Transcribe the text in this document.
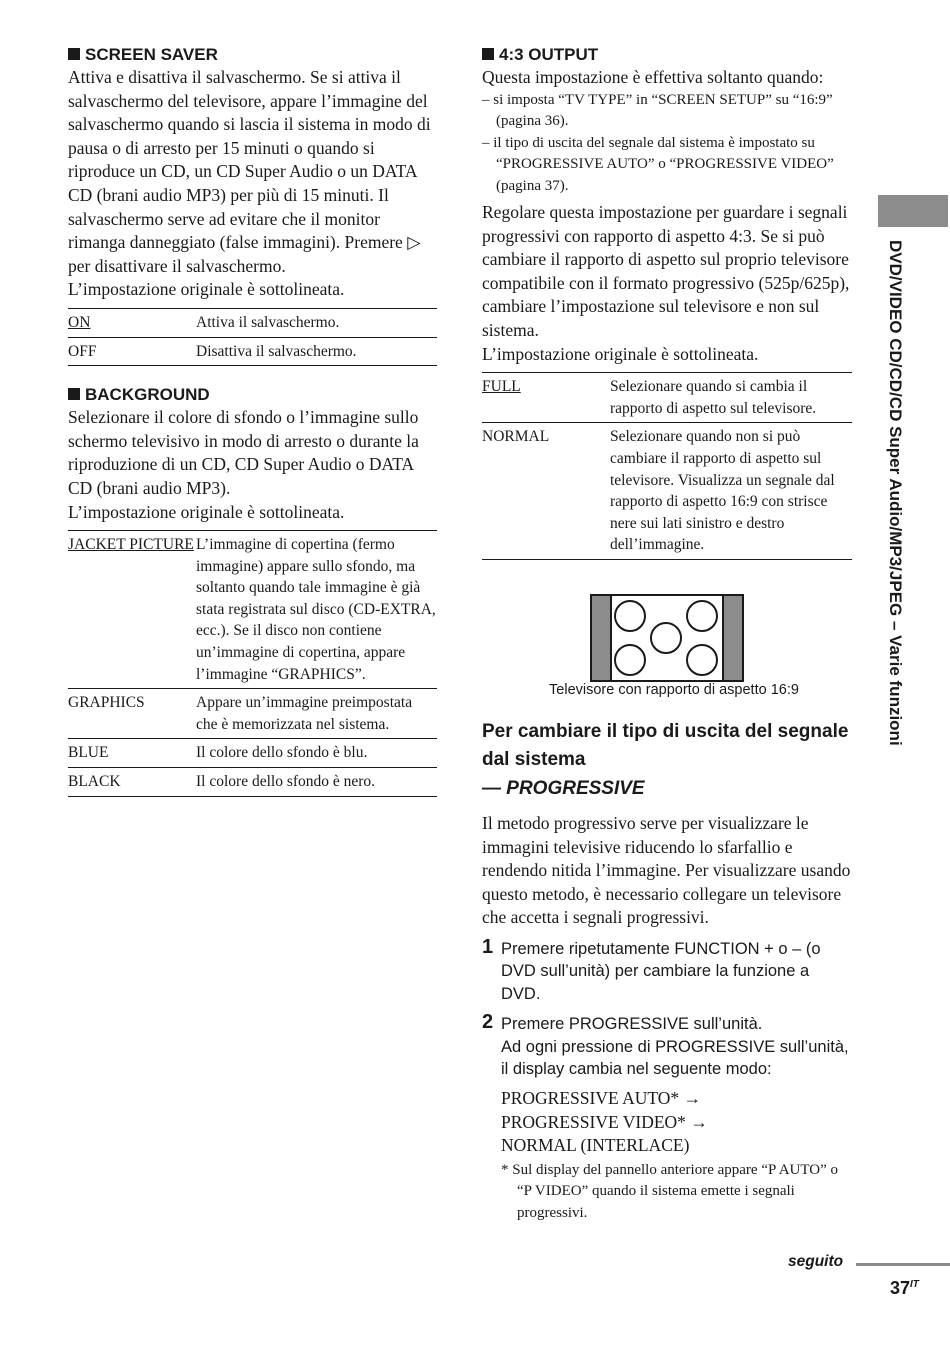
SCREEN SAVER

Attiva e disattiva il salvaschermo. Se si attiva il salvaschermo del televisore, appare l’immagine del salvaschermo quando si lascia il sistema in modo di pausa o di arresto per 15 minuti o quando si riproduce un CD, un CD Super Audio o un DATA CD (brani audio MP3) per più di 15 minuti. Il salvaschermo serve ad evitare che il monitor rimanga danneggiato (false immagini). Premere ▷ per disattivare il salvaschermo.

L’impostazione originale è sottolineata.

ON	Attiva il salvaschermo.
OFF	Disattiva il salvaschermo.

BACKGROUND

Selezionare il colore di sfondo o l’immagine sullo schermo televisivo in modo di arresto o durante la riproduzione di un CD, CD Super Audio o DATA CD (brani audio MP3).

L’impostazione originale è sottolineata.

JACKET PICTURE	L’immagine di copertina (fermo immagine) appare sullo sfondo, ma soltanto quando tale immagine è già stata registrata sul disco (CD-EXTRA, ecc.). Se il disco non contiene un’immagine di copertina, appare l’immagine “GRAPHICS”.
GRAPHICS	Appare un’immagine preimpostata che è memorizzata nel sistema.
BLUE	Il colore dello sfondo è blu.
BLACK	Il colore dello sfondo è nero.

4:3 OUTPUT

Questa impostazione è effettiva soltanto quando:

– si imposta “TV TYPE” in “SCREEN SETUP” su “16:9” (pagina 36).

– il tipo di uscita del segnale dal sistema è impostato su “PROGRESSIVE AUTO” o “PROGRESSIVE VIDEO” (pagina 37).

Regolare questa impostazione per guardare i segnali progressivi con rapporto di aspetto 4:3. Se si può cambiare il rapporto di aspetto sul proprio televisore compatibile con il formato progressivo (525p/625p), cambiare l’impostazione sul televisore e non sul sistema.

L’impostazione originale è sottolineata.

FULL	Selezionare quando si cambia il rapporto di aspetto sul televisore.
NORMAL	Selezionare quando non si può cambiare il rapporto di aspetto sul televisore. Visualizza un segnale dal rapporto di aspetto 16:9 con strisce nere sui lati sinistro e destro dell’immagine.
Televisore con rapporto di aspetto 16:9

Per cambiare il tipo di uscita del segnale dal sistema

— PROGRESSIVE

Il metodo progressivo serve per visualizzare le immagini televisive riducendo lo sfarfallio e rendendo nitida l’immagine. Per visualizzare usando questo metodo, è necessario collegare un televisore che accetta i segnali progressivi.

1 Premere ripetutamente FUNCTION + o – (o DVD sull’unità) per cambiare la funzione a DVD.
2 Premere PROGRESSIVE sull’unità.
Ad ogni pressione di PROGRESSIVE sull’unità, il display cambia nel seguente modo:
PROGRESSIVE AUTO* →
PROGRESSIVE VIDEO* →
NORMAL (INTERLACE)

* Sul display del pannello anteriore appare “P AUTO” o “P VIDEO” quando il sistema emette i segnali progressivi.

DVD/VIDEO CD/CD/CD Super Audio/MP3/JPEG – Varie funzioni
seguito
$37^{IT}$
